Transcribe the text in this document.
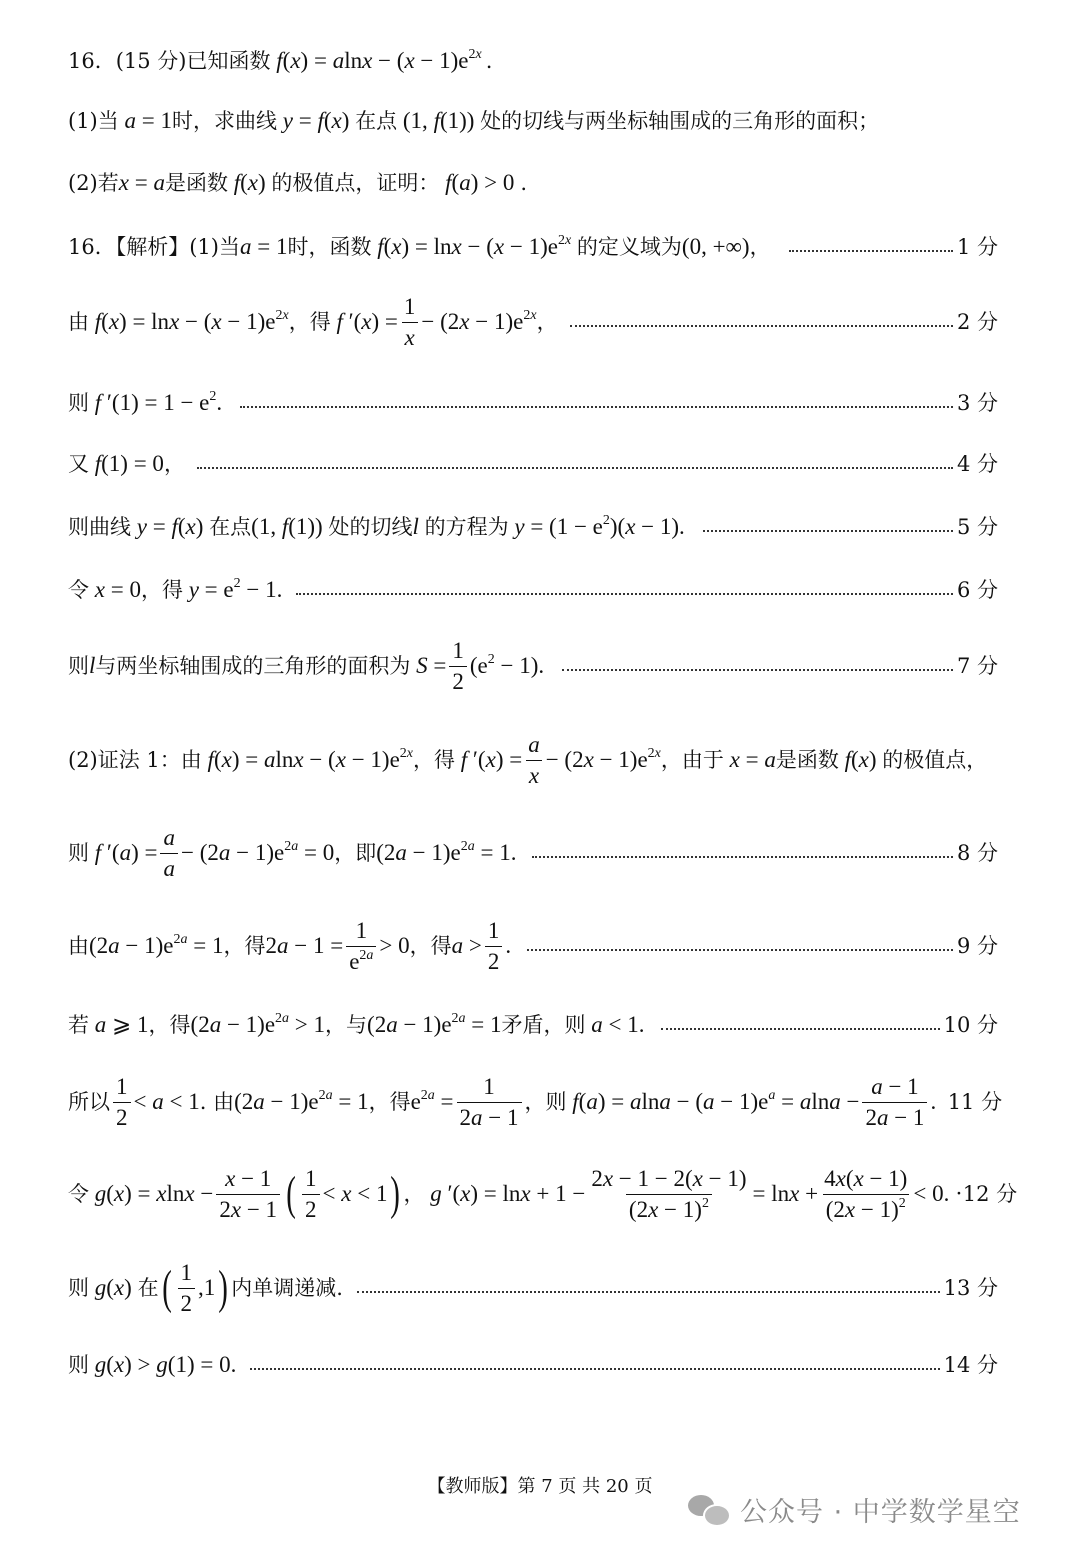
16．(15 分) 已知函数 $f(x) = alnx - (x - 1)e^{2x}$ .
(1)当 a = 1 时，求曲线 y = f(x) 在点 (1, f(1)) 处的切线与两坐标轴围成的三角形的面积；
(2)若 x = a 是函数 f(x) 的极值点，证明： f(a) > 0 .
16．【解析】(1)当 a = 1 时，函数 $f(x) = \ln x - (x - 1)e^{2x}$ 的定义域为 (0, +∞) ，	1 分
由 $f(x) = \ln x - (x - 1)e^{2x}$ ，得 f $'(x) = \frac{1}{x} - (2x - 1)e^{2x}$ ，	2 分
则 f $'(1) = 1 - e^2$.	3 分
又 f(1) = 0 ，	4 分
则曲线 y = f(x) 在点 (1, f(1)) 处的切线 l 的方程为 $y = (1 - e^2)(x - 1)$.	5 分
令 x = 0 ，得 $y = e^2 - 1$.	6 分
则 l 与两坐标轴围成的三角形的面积为 $S = \frac{1}{2} (e^2 - 1)$.	7 分
(2)证法 1：由 $f(x) = alnx - (x - 1)e^{2x}$ ，得 f $'(x) = \frac{a}{x} - (2x - 1)e^{2x}$ ，由于 x = a 是函数 f(x) 的极值点，
则 f $'(a) = \frac{a}{a} - (2a - 1)e^{2a} = 0$ ，即 $(2a - 1)e^{2a} = 1$.	8 分
由 $(2a - 1)e^{2a} = 1$ ，得 $2a - 1 = \frac{1}{e^{2a}} > 0$ ，得 $a > \frac{1}{2}$ .	9 分
若 a ⩾ 1 ，得 $(2a - 1)e^{2a} > 1$ ，与 $(2a - 1)e^{2a} = 1$ 矛盾，则 a < 1.	10 分
所以 $\frac{1}{2} < a < 1$ . 由 $(2a - 1)e^{2a} = 1$ ，得 $e^{2a} = \frac{1}{2a - 1}$ ，则 $f(a) = alna - (a - 1)e^a = alna - \frac{a - 1}{2a - 1}$ . 11 分
令 $g(x) = xlnx - \frac{x - 1}{2x - 1}$ ( $\frac{1}{2} < x < 1$ ) ， g $'(x) = \ln x + 1 - \frac{2x - 1 - 2(x - 1)}{(2x - 1)^2} = \ln x + \frac{4x(x - 1)}{(2x - 1)^2} < 0$. · 12 分
则 g(x) 在 ( $\frac{1}{2} ,1$ ) 内单调递减.	13 分
则 g(x) > g(1) = 0.	14 分
【教师版】第 7 页 共 20 页
公众号 · 中学数学星空
